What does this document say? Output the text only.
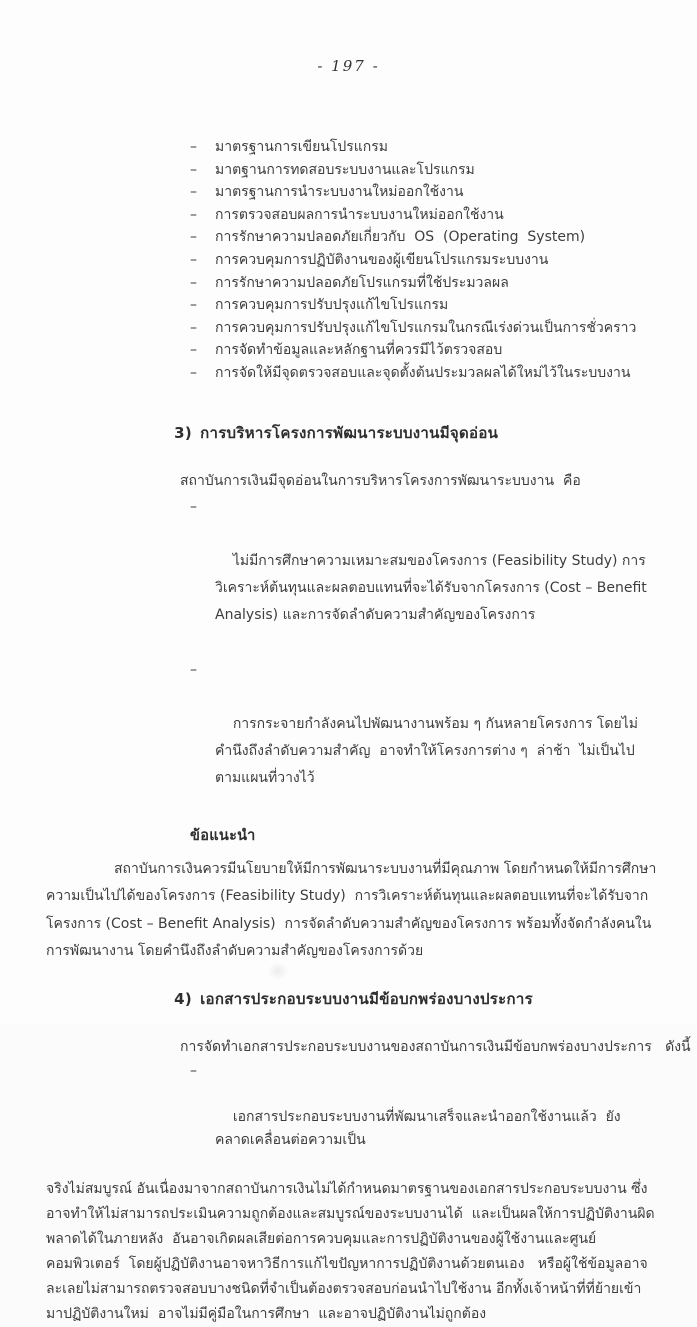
- 197 -
–	มาตรฐานการเขียนโปรแกรม
–	มาตฐานการทดสอบระบบงานและโปรแกรม
–	มาตรฐานการนำระบบงานใหม่ออกใช้งาน
–	การตรวจสอบผลการนำระบบงานใหม่ออกใช้งาน
–	การรักษาความปลอดภัยเกี่ยวกับ  OS  (Operating  System)
–	การควบคุมการปฏิบัติงานของผู้เขียนโปรแกรมระบบงาน
–	การรักษาความปลอดภัยโปรแกรมที่ใช้ประมวลผล
–	การควบคุมการปรับปรุงแก้ไขโปรแกรม
–	การควบคุมการปรับปรุงแก้ไขโปรแกรมในกรณีเร่งด่วนเป็นการชั่วคราว
–	การจัดทำข้อมูลและหลักฐานที่ควรมีไว้ตรวจสอบ
–	การจัดให้มีจุดตรวจสอบและจุดตั้งต้นประมวลผลได้ใหม่ไว้ในระบบงาน

3) การบริหารโครงการพัฒนาระบบงานมีจุดอ่อน

สถาบันการเงินมีจุดอ่อนในการบริหารโครงการพัฒนาระบบงาน  คือ

–

ไม่มีการศึกษาความเหมาะสมของโครงการ (Feasibility Study) การวิเคราะห์ต้นทุนและผลตอบแทนที่จะได้รับจากโครงการ (Cost – Benefit Analysis) และการจัดลำดับความสำคัญของโครงการ

–

การกระจายกำลังคนไปพัฒนางานพร้อม ๆ กันหลายโครงการ โดยไม่คำนึงถึงลำดับความสำคัญ  อาจทำให้โครงการต่าง ๆ  ล่าช้า  ไม่เป็นไปตามแผนที่วางไว้

ข้อแนะนำ
สถาบันการเงินควรมีนโยบายให้มีการพัฒนาระบบงานที่มีคุณภาพ โดยกำหนดให้มีการศึกษาความเป็นไปได้ของโครงการ (Feasibility Study)  การวิเคราะห์ต้นทุนและผลตอบแทนที่จะได้รับจากโครงการ (Cost – Benefit Analysis)  การจัดลำดับความสำคัญของโครงการ พร้อมทั้งจัดกำลังคนในการพัฒนางาน โดยคำนึงถึงลำดับความสำคัญของโครงการด้วย

4) เอกสารประกอบระบบงานมีข้อบกพร่องบางประการ

การจัดทำเอกสารประกอบระบบงานของสถาบันการเงินมีข้อบกพร่องบางประการ   ดังนี้

–

เอกสารประกอบระบบงานที่พัฒนาเสร็จและนำออกใช้งานแล้ว  ยังคลาดเคลื่อนต่อความเป็น

จริงไม่สมบูรณ์ อันเนื่องมาจากสถาบันการเงินไม่ได้กำหนดมาตรฐานของเอกสารประกอบระบบงาน ซึ่งอาจทำให้ไม่สามารถประเมินความถูกต้องและสมบูรณ์ของระบบงานได้  และเป็นผลให้การปฏิบัติงานผิดพลาดได้ในภายหลัง  อันอาจเกิดผลเสียต่อการควบคุมและการปฏิบัติงานของผู้ใช้งานและศูนย์คอมพิวเตอร์  โดยผู้ปฏิบัติงานอาจหาวิธีการแก้ไขปัญหาการปฏิบัติงานด้วยตนเอง   หรือผู้ใช้ข้อมูลอาจละเลยไม่สามารถตรวจสอบบางชนิดที่จำเป็นต้องตรวจสอบก่อนนำไปใช้งาน อีกทั้งเจ้าหน้าที่ที่ย้ายเข้ามาปฏิบัติงานใหม่  อาจไม่มีคู่มือในการศึกษา  และอาจปฏิบัติงานไม่ถูกต้อง
